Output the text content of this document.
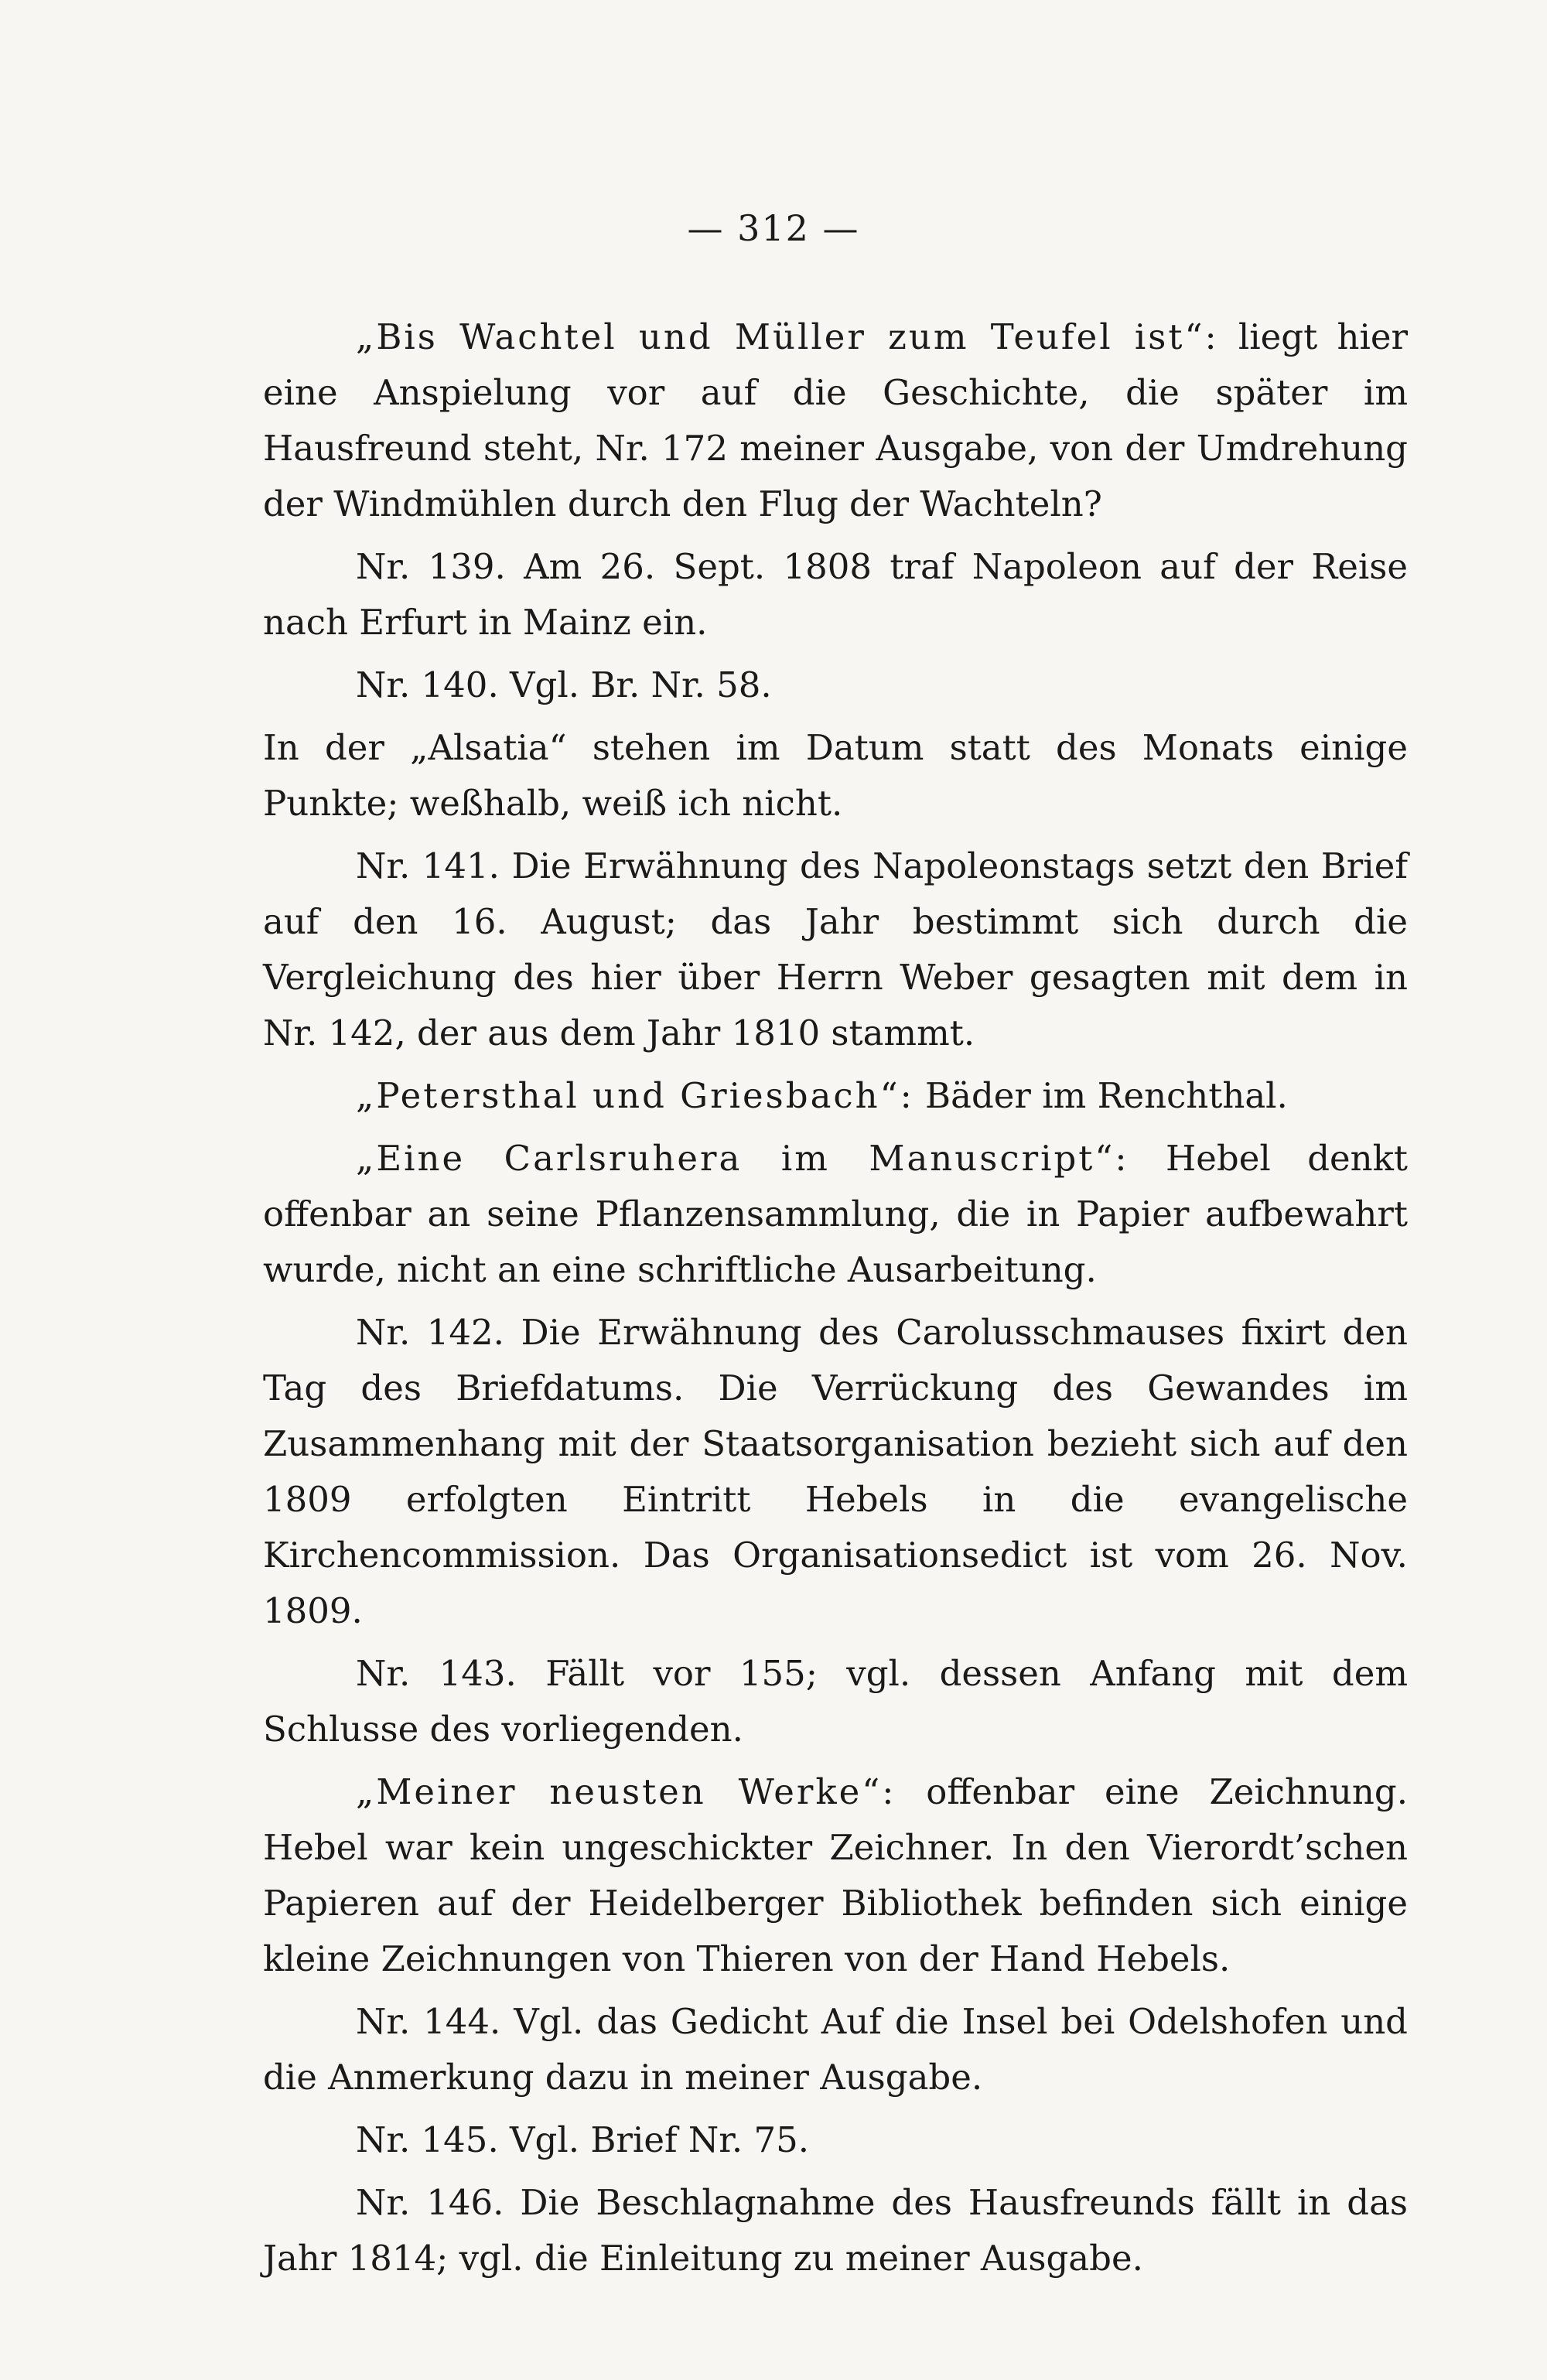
— 312 —

„Bis Wachtel und Müller zum Teufel ist“: liegt hier eine Anspielung vor auf die Geschichte, die später im Hausfreund steht, Nr. 172 meiner Ausgabe, von der Umdrehung der Windmühlen durch den Flug der Wachteln?

Nr. 139. Am 26. Sept. 1808 traf Napoleon auf der Reise nach Erfurt in Mainz ein.

Nr. 140. Vgl. Br. Nr. 58.

In der „Alsatia“ stehen im Datum statt des Monats einige Punkte; weßhalb, weiß ich nicht.

Nr. 141. Die Erwähnung des Napoleonstags setzt den Brief auf den 16. August; das Jahr bestimmt sich durch die Vergleichung des hier über Herrn Weber gesagten mit dem in Nr. 142, der aus dem Jahr 1810 stammt.

„Petersthal und Griesbach“: Bäder im Renchthal.

„Eine Carlsruhera im Manuscript“: Hebel denkt offenbar an seine Pflanzensammlung, die in Papier aufbewahrt wurde, nicht an eine schriftliche Ausarbeitung.

Nr. 142. Die Erwähnung des Carolusschmauses fixirt den Tag des Briefdatums. Die Verrückung des Gewandes im Zusammenhang mit der Staatsorganisation bezieht sich auf den 1809 erfolgten Eintritt Hebels in die evangelische Kirchencommission. Das Organisationsedict ist vom 26. Nov. 1809.

Nr. 143. Fällt vor 155; vgl. dessen Anfang mit dem Schlusse des vorliegenden.

„Meiner neusten Werke“: offenbar eine Zeichnung. Hebel war kein ungeschickter Zeichner. In den Vierordt’schen Papieren auf der Heidelberger Bibliothek befinden sich einige kleine Zeichnungen von Thieren von der Hand Hebels.

Nr. 144. Vgl. das Gedicht Auf die Insel bei Odelshofen und die Anmerkung dazu in meiner Ausgabe.

Nr. 145. Vgl. Brief Nr. 75.

Nr. 146. Die Beschlagnahme des Hausfreunds fällt in das Jahr 1814; vgl. die Einleitung zu meiner Ausgabe.
